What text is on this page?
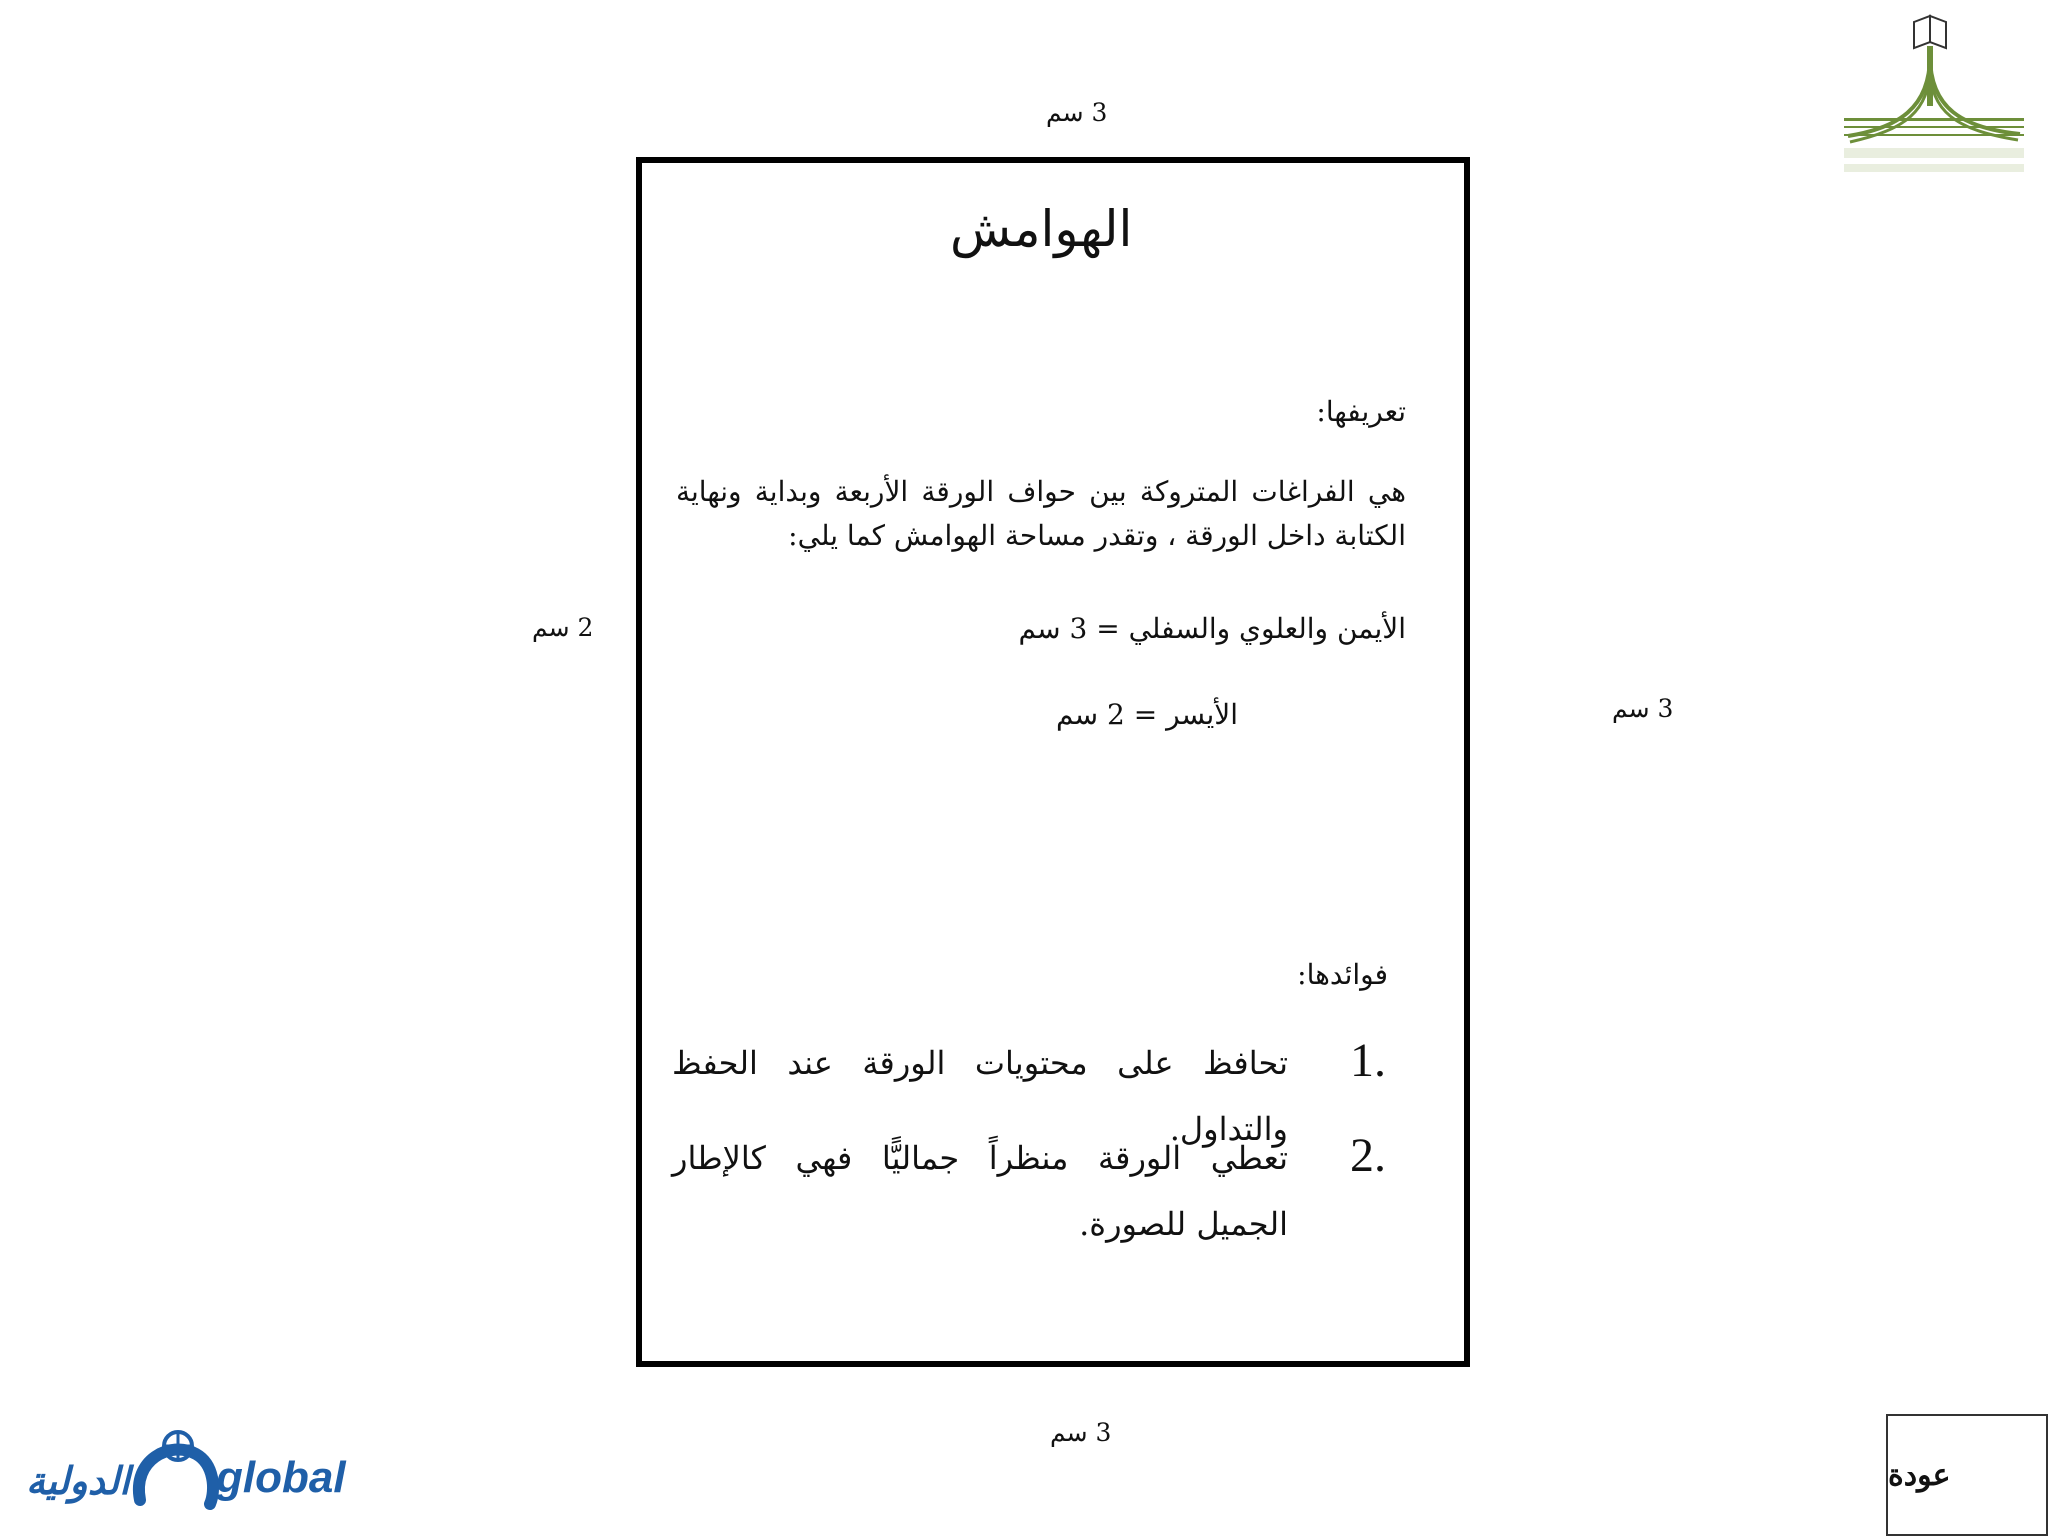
3 سم
2 سم
3 سم
الهوامش
تعريفها:
هي الفراغات المتروكة بين حواف الورقة الأربعة وبداية ونهاية الكتابة داخل الورقة ، وتقدر مساحة الهوامش كما يلي:
الأيمن والعلوي والسفلي = 3 سم
الأيسر = 2 سم
فوائدها:
1.
تحافظ على محتويات الورقة عند الحفظ والتداول.	2.
تعطي الورقة منظراً جماليًّا فهي كالإطار الجميل للصورة.
3 سم
الدولية global	عودة
